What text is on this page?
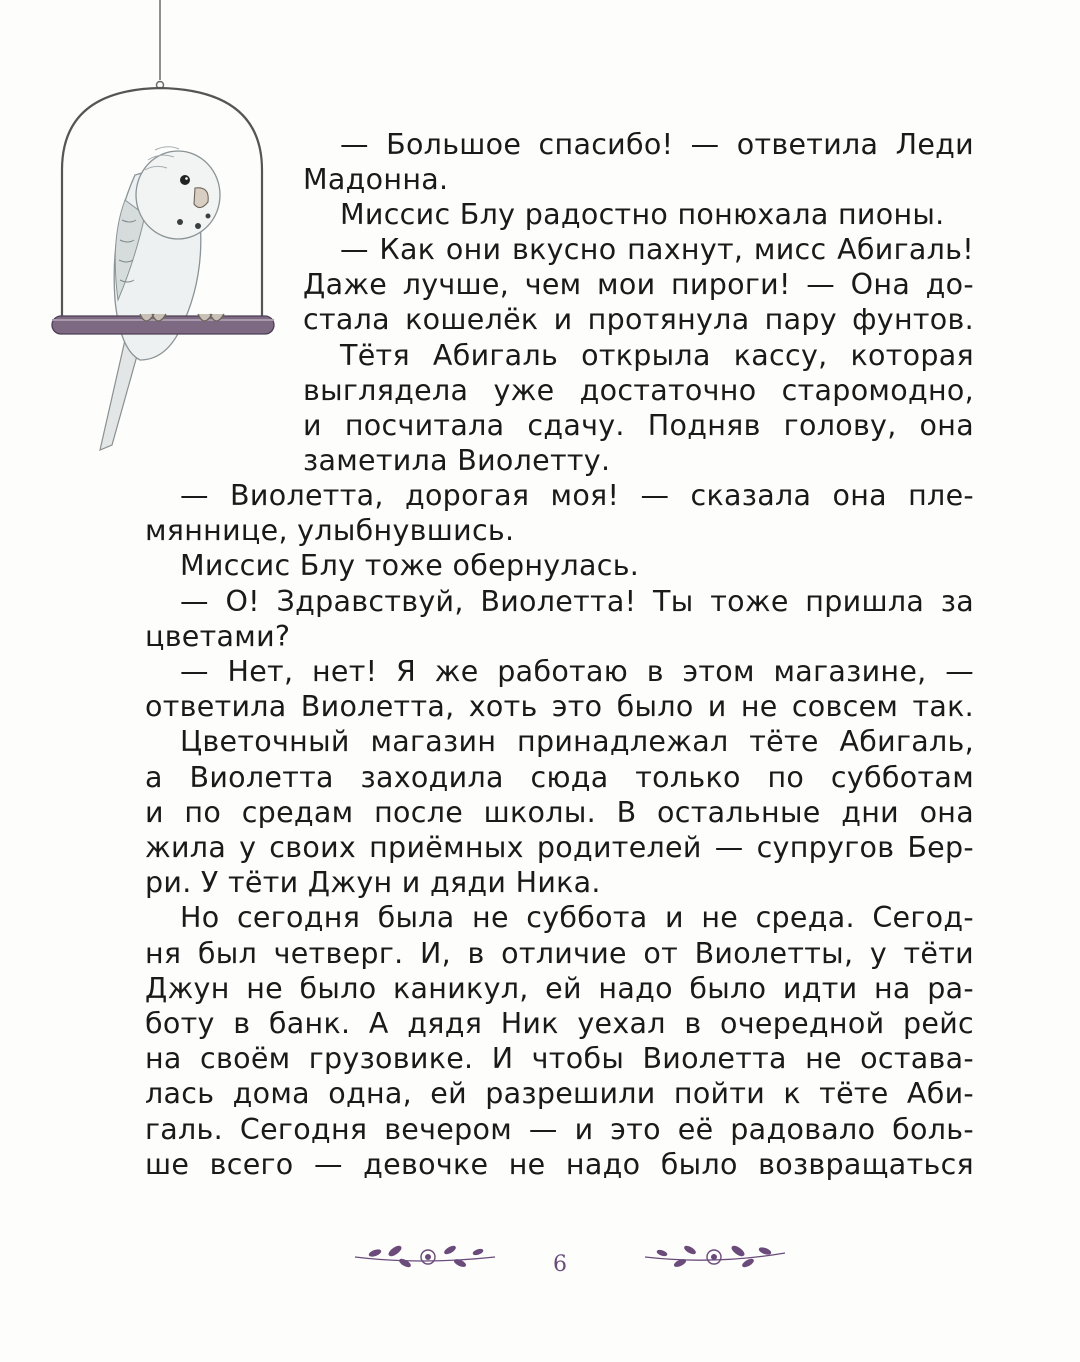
— Большое спасибо! — ответила Леди
Мадонна.
Миссис Блу радостно понюхала пионы.
— Как они вкусно пахнут, мисс Абигаль!
Даже лучше, чем мои пироги! — Она до-
стала кошелёк и протянула пару фунтов.
Тётя Абигаль открыла кассу, которая
выглядела уже достаточно старомодно,
и посчитала сдачу. Подняв голову, она
заметила Виолетту.
— Виолетта, дорогая моя! — сказала она пле-
мяннице, улыбнувшись.
Миссис Блу тоже обернулась.
— О! Здравствуй, Виолетта! Ты тоже пришла за
цветами?
— Нет, нет! Я же работаю в этом магазине, —
ответила Виолетта, хоть это было и не совсем так.
Цветочный магазин принадлежал тёте Абигаль,
а Виолетта заходила сюда только по субботам
и по средам после школы. В остальные дни она
жила у своих приёмных родителей — супругов Бер-
ри. У тёти Джун и дяди Ника.
Но сегодня была не суббота и не среда. Сегод-
ня был четверг. И, в отличие от Виолетты, у тёти
Джун не было каникул, ей надо было идти на ра-
боту в банк. А дядя Ник уехал в очередной рейс
на своём грузовике. И чтобы Виолетта не остава-
лась дома одна, ей разрешили пойти к тёте Аби-
галь. Сегодня вечером — и это её радовало боль-
ше всего — девочке не надо было возвращаться
6
